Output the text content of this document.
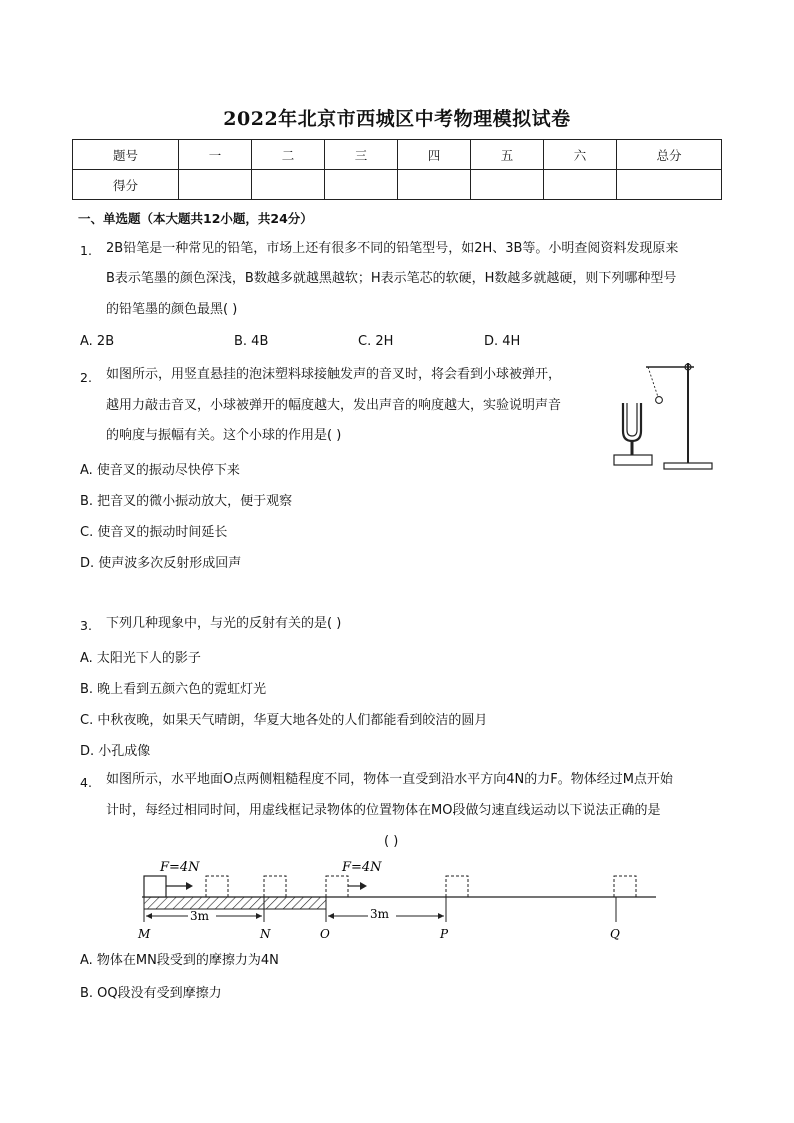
2022年北京市西城区中考物理模拟试卷
题号	一	二	三	四	五	六	总分
得分							
一、单选题（本大题共12小题，共24分）
1. 2B铅笔是一种常见的铅笔，市场上还有很多不同的铅笔型号，如2H、3B等。小明查阅资料发现原来
B表示笔墨的颜色深浅，B数越多就越黑越软；H表示笔芯的软硬，H数越多就越硬，则下列哪种型号
的铅笔墨的颜色最黑( )
A. 2B	B. 4B	C. 2H	D. 4H
2. 如图所示，用竖直悬挂的泡沫塑料球接触发声的音叉时，将会看到小球被弹开，
越用力敲击音叉，小球被弹开的幅度越大，发出声音的响度越大，实验说明声音
的响度与振幅有关。这个小球的作用是( )
A. 使音叉的振动尽快停下来
B. 把音叉的微小振动放大，便于观察
C. 使音叉的振动时间延长
D. 使声波多次反射形成回声
3. 下列几种现象中，与光的反射有关的是( )
A. 太阳光下人的影子
B. 晚上看到五颜六色的霓虹灯光
C. 中秋夜晚，如果天气晴朗，华夏大地各处的人们都能看到皎洁的圆月
D. 小孔成像
4. 如图所示，水平地面O点两侧粗糙程度不同，物体一直受到沿水平方向4N的力F。物体经过M点开始
计时，每经过相同时间，用虚线框记录物体的位置物体在MO段做匀速直线运动以下说法正确的是
( )
F=4N	F=4N
3m	3m
M	N	O	P	Q
A. 物体在MN段受到的摩擦力为4N
B. OQ段没有受到摩擦力
